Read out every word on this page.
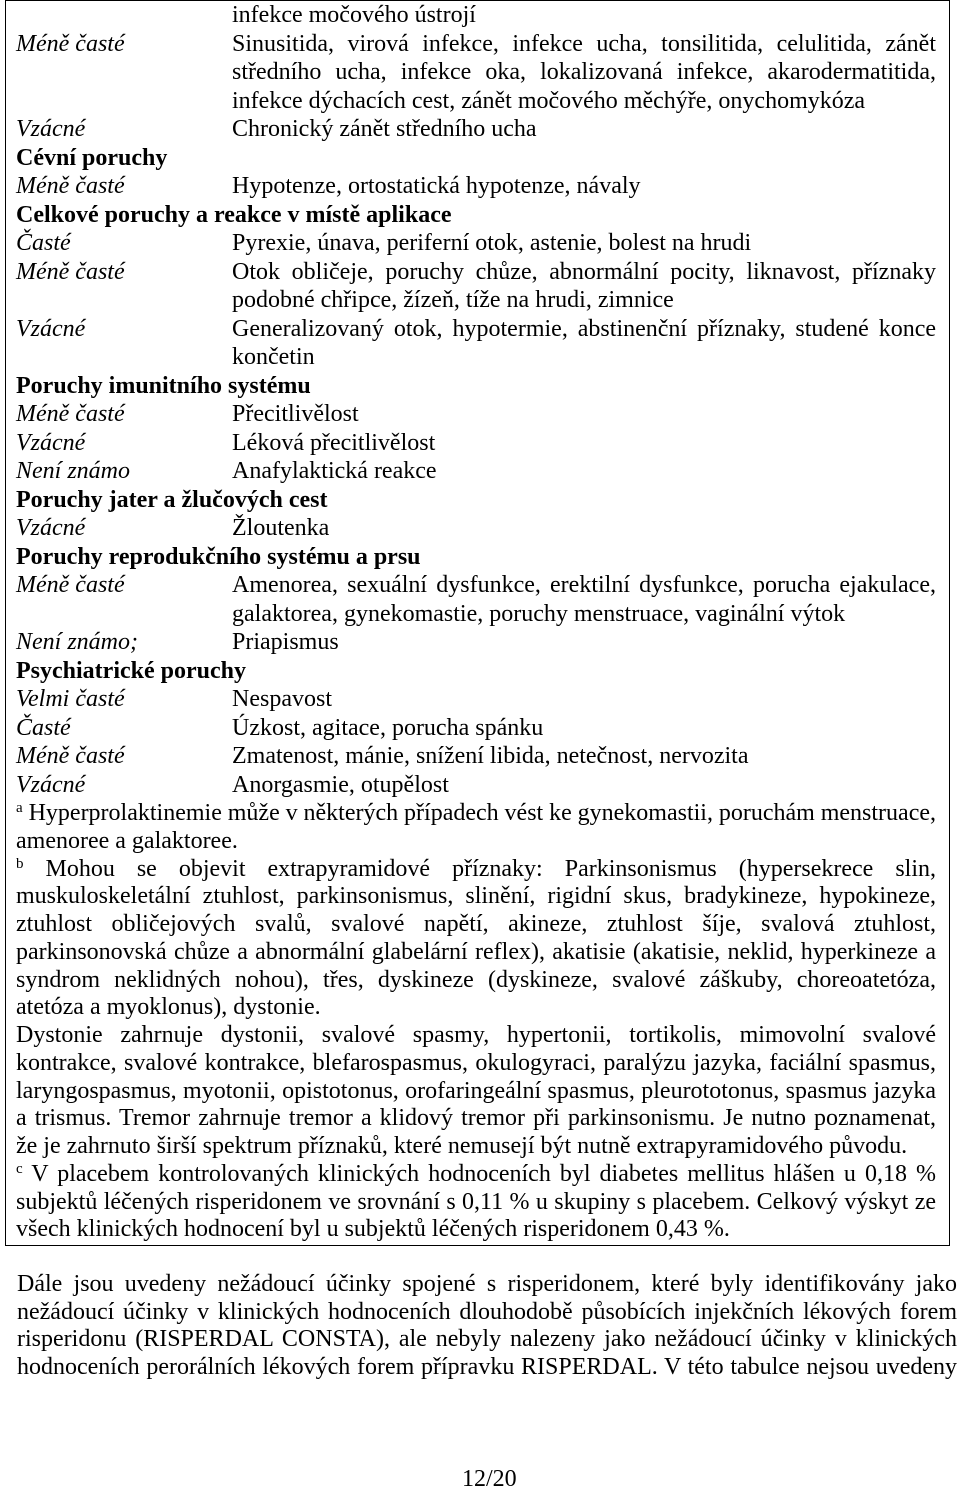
infekce močového ústrojí
Méně časté	Sinusitida, virová infekce, infekce ucha, tonsilitida, celulitida, zánět
středního ucha, infekce oka, lokalizovaná infekce, akarodermatitida,
infekce dýchacích cest, zánět močového měchýře, onychomykóza
Vzácné	Chronický zánět středního ucha
Cévní poruchy
Méně časté	Hypotenze, ortostatická hypotenze, návaly
Celkové poruchy a reakce v místě aplikace
Časté	Pyrexie, únava, periferní otok, astenie, bolest na hrudi
Méně časté	Otok obličeje, poruchy chůze, abnormální pocity, liknavost, příznaky
podobné chřipce, žízeň, tíže na hrudi, zimnice
Vzácné	Generalizovaný otok, hypotermie, abstinenční příznaky, studené konce
končetin
Poruchy imunitního systému
Méně časté	Přecitlivělost
Vzácné	Léková přecitlivělost
Není známo	Anafylaktická reakce
Poruchy jater a žlučových cest
Vzácné	Žloutenka
Poruchy reprodukčního systému a prsu
Méně časté	Amenorea, sexuální dysfunkce, erektilní dysfunkce, porucha ejakulace,
galaktorea, gynekomastie, poruchy menstruace, vaginální výtok
Není známo;	Priapismus
Psychiatrické poruchy
Velmi časté	Nespavost
Časté	Úzkost, agitace, porucha spánku
Méně časté	Zmatenost, mánie, snížení libida, netečnost, nervozita
Vzácné	Anorgasmie, otupělost
$^a$ Hyperprolaktinemie může v některých případech vést ke gynekomastii, poruchám menstruace,
amenoree a galaktoree.
$^b$ Mohou se objevit extrapyramidové příznaky: Parkinsonismus (hypersekrece slin,
muskuloskeletální ztuhlost, parkinsonismus, slinění, rigidní skus, bradykineze, hypokineze,
ztuhlost obličejových svalů, svalové napětí, akineze, ztuhlost šíje, svalová ztuhlost,
parkinsonovská chůze a abnormální glabelární reflex), akatisie (akatisie, neklid, hyperkineze a
syndrom neklidných nohou), třes, dyskineze (dyskineze, svalové záškuby, choreoatetóza,
atetóza a myoklonus), dystonie.
Dystonie zahrnuje dystonii, svalové spasmy, hypertonii, tortikolis, mimovolní svalové
kontrakce, svalové kontrakce, blefarospasmus, okulogyraci, paralýzu jazyka, faciální spasmus,
laryngospasmus, myotonii, opistotonus, orofaringeální spasmus, pleurototonus, spasmus jazyka
a trismus. Tremor zahrnuje tremor a klidový tremor při parkinsonismu. Je nutno poznamenat,
že je zahrnuto širší spektrum příznaků, které nemusejí být nutně extrapyramidového původu.
$^c$ V placebem kontrolovaných klinických hodnoceních byl diabetes mellitus hlášen u 0,18 %
subjektů léčených risperidonem ve srovnání s 0,11 % u skupiny s placebem. Celkový výskyt ze
všech klinických hodnocení byl u subjektů léčených risperidonem 0,43 %.
Dále jsou uvedeny nežádoucí účinky spojené s risperidonem, které byly identifikovány jako
nežádoucí účinky v klinických hodnoceních dlouhodobě působících injekčních lékových forem
risperidonu (RISPERDAL CONSTA), ale nebyly nalezeny jako nežádoucí účinky v klinických
hodnoceních perorálních lékových forem přípravku RISPERDAL. V této tabulce nejsou uvedeny
12/20
